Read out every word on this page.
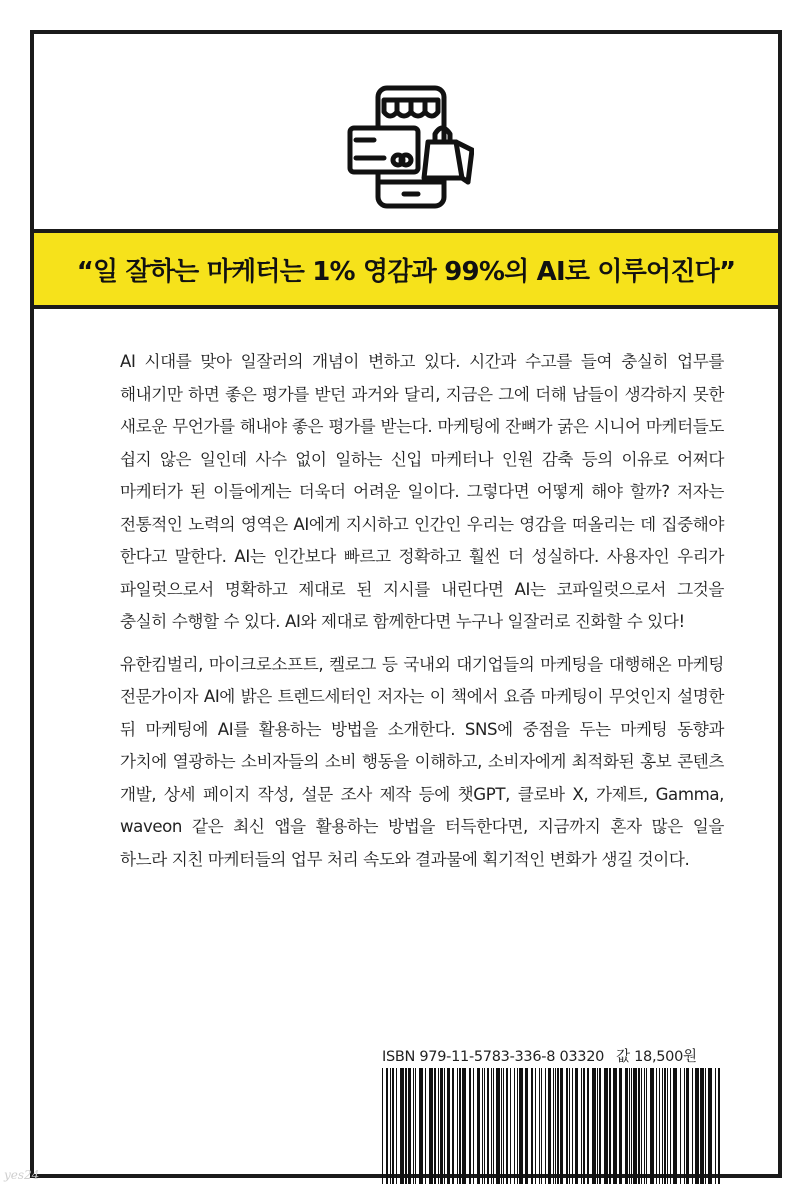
“일 잘하는 마케터는 1% 영감과 99%의 AI로 이루어진다”

AI 시대를 맞아 일잘러의 개념이 변하고 있다. 시간과 수고를 들여 충실히 업무를 해내기만 하면 좋은 평가를 받던 과거와 달리, 지금은 그에 더해 남들이 생각하지 못한 새로운 무언가를 해내야 좋은 평가를 받는다. 마케팅에 잔뼈가 굵은 시니어 마케터들도 쉽지 않은 일인데 사수 없이 일하는 신입 마케터나 인원 감축 등의 이유로 어쩌다 마케터가 된 이들에게는 더욱더 어려운 일이다. 그렇다면 어떻게 해야 할까? 저자는 전통적인 노력의 영역은 AI에게 지시하고 인간인 우리는 영감을 떠올리는 데 집중해야 한다고 말한다. AI는 인간보다 빠르고 정확하고 훨씬 더 성실하다. 사용자인 우리가 파일럿으로서 명확하고 제대로 된 지시를 내린다면 AI는 코파일럿으로서 그것을 충실히 수행할 수 있다. AI와 제대로 함께한다면 누구나 일잘러로 진화할 수 있다!

유한킴벌리, 마이크로소프트, 켈로그 등 국내외 대기업들의 마케팅을 대행해온 마케팅 전문가이자 AI에 밝은 트렌드세터인 저자는 이 책에서 요즘 마케팅이 무엇인지 설명한 뒤 마케팅에 AI를 활용하는 방법을 소개한다. SNS에 중점을 두는 마케팅 동향과 가치에 열광하는 소비자들의 소비 행동을 이해하고, 소비자에게 최적화된 홍보 콘텐츠 개발, 상세 페이지 작성, 설문 조사 제작 등에 챗GPT, 클로바 X, 가제트, Gamma, waveon 같은 최신 앱을 활용하는 방법을 터득한다면, 지금까지 혼자 많은 일을 하느라 지친 마케터들의 업무 처리 속도와 결과물에 획기적인 변화가 생길 것이다.

ISBN 979-11-5783-336-8 03320 값 18,500원
yes24
